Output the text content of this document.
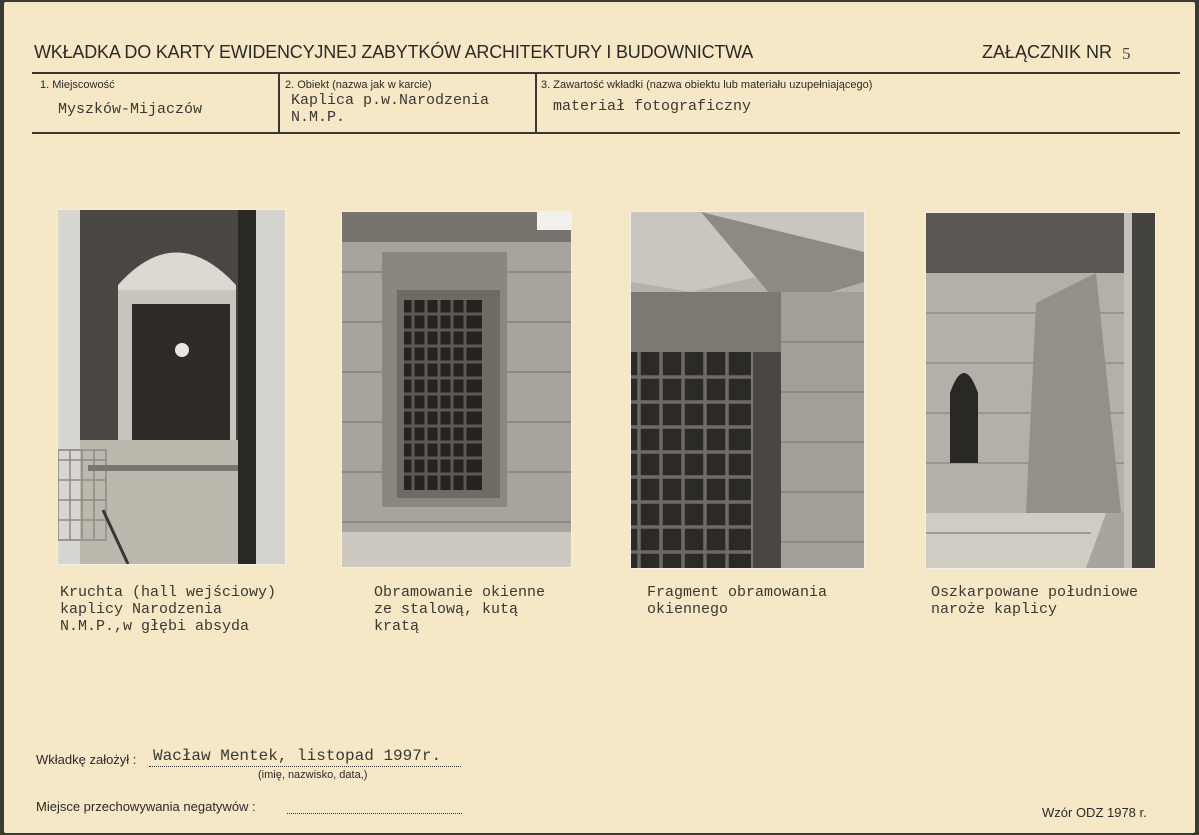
WKŁADKA DO KARTY EWIDENCYJNEJ ZABYTKÓW ARCHITEKTURY I BUDOWNICTWA	ZAŁĄCZNIK NR 5
1. Miejscowość
Myszków-Mijaczów
2. Obiekt (nazwa jak w karcie)
Kaplica p.w.Narodzenia
N.M.P.
3. Zawartość wkładki (nazwa obiektu lub materiału uzupełniającego)
materiał fotograficzny
Kruchta (hall wejściowy)
kaplicy Narodzenia
N.M.P.,w głębi absyda
Obramowanie okienne
ze stalową, kutą
kratą
Fragment obramowania
okiennego
Oszkarpowane południowe
naroże kaplicy
Wkładkę założył : Wacław Mentek, listopad 1997r.
(imię, nazwisko, data,)
Miejsce przechowywania negatywów :	Wzór ODZ 1978 r.
